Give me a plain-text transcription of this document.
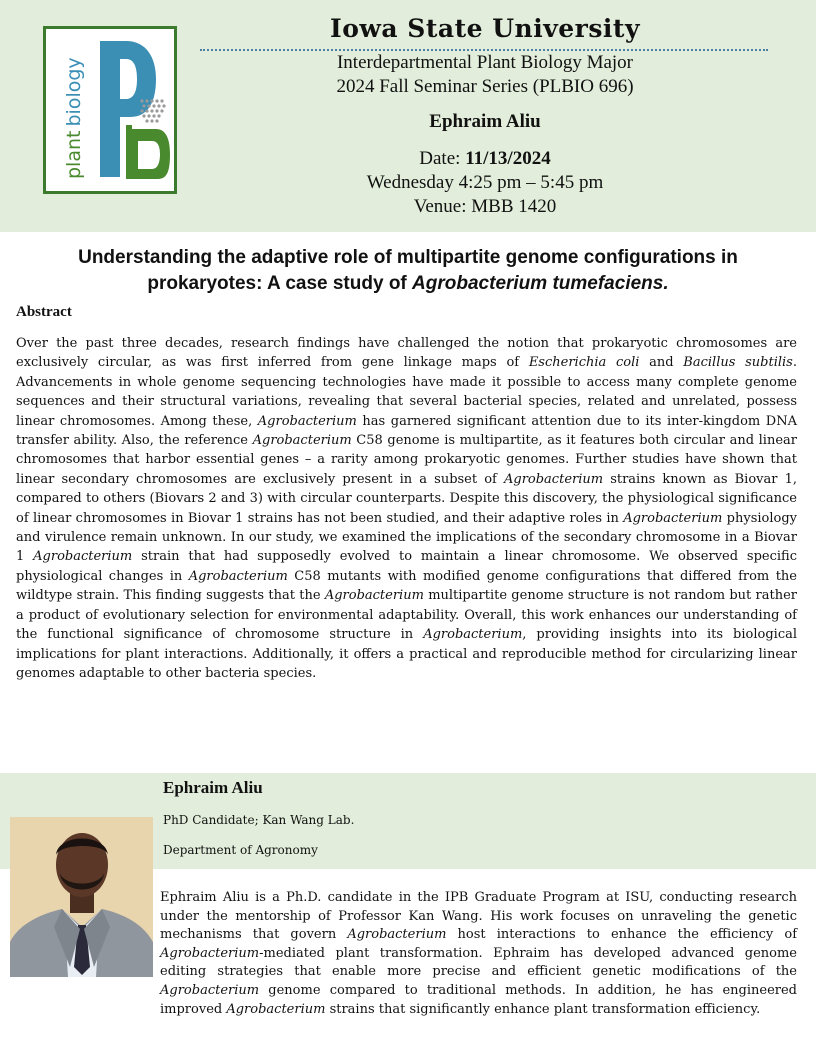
plantbiology
Iowa State University
Interdepartmental Plant Biology Major
2024 Fall Seminar Series (PLBIO 696)
Ephraim Aliu
Date: 11/13/2024
Wednesday 4:25 pm – 5:45 pm
Venue: MBB 1420
Understanding the adaptive role of multipartite genome configurations in prokaryotes: A case study of Agrobacterium tumefaciens.
Abstract

Over the past three decades, research findings have challenged the notion that prokaryotic chromosomes are exclusively circular, as was first inferred from gene linkage maps of Escherichia coli and Bacillus subtilis. Advancements in whole genome sequencing technologies have made it possible to access many complete genome sequences and their structural variations, revealing that several bacterial species, related and unrelated, possess linear chromosomes. Among these, Agrobacterium has garnered significant attention due to its inter-kingdom DNA transfer ability. Also, the reference Agrobacterium C58 genome is multipartite, as it features both circular and linear chromosomes that harbor essential genes – a rarity among prokaryotic genomes. Further studies have shown that linear secondary chromosomes are exclusively present in a subset of Agrobacterium strains known as Biovar 1, compared to others (Biovars 2 and 3) with circular counterparts. Despite this discovery, the physiological significance of linear chromosomes in Biovar 1 strains has not been studied, and their adaptive roles in Agrobacterium physiology and virulence remain unknown. In our study, we examined the implications of the secondary chromosome in a Biovar 1 Agrobacterium strain that had supposedly evolved to maintain a linear chromosome. We observed specific physiological changes in Agrobacterium C58 mutants with modified genome configurations that differed from the wildtype strain. This finding suggests that the Agrobacterium multipartite genome structure is not random but rather a product of evolutionary selection for environmental adaptability. Overall, this work enhances our understanding of the functional significance of chromosome structure in Agrobacterium, providing insights into its biological implications for plant interactions. Additionally, it offers a practical and reproducible method for circularizing linear genomes adaptable to other bacteria species.

Ephraim Aliu
PhD Candidate; Kan Wang Lab.
Department of Agronomy

Ephraim Aliu is a Ph.D. candidate in the IPB Graduate Program at ISU, conducting research under the mentorship of Professor Kan Wang. His work focuses on unraveling the genetic mechanisms that govern Agrobacterium host interactions to enhance the efficiency of Agrobacterium-mediated plant transformation. Ephraim has developed advanced genome editing strategies that enable more precise and efficient genetic modifications of the Agrobacterium genome compared to traditional methods. In addition, he has engineered improved Agrobacterium strains that significantly enhance plant transformation efficiency.
